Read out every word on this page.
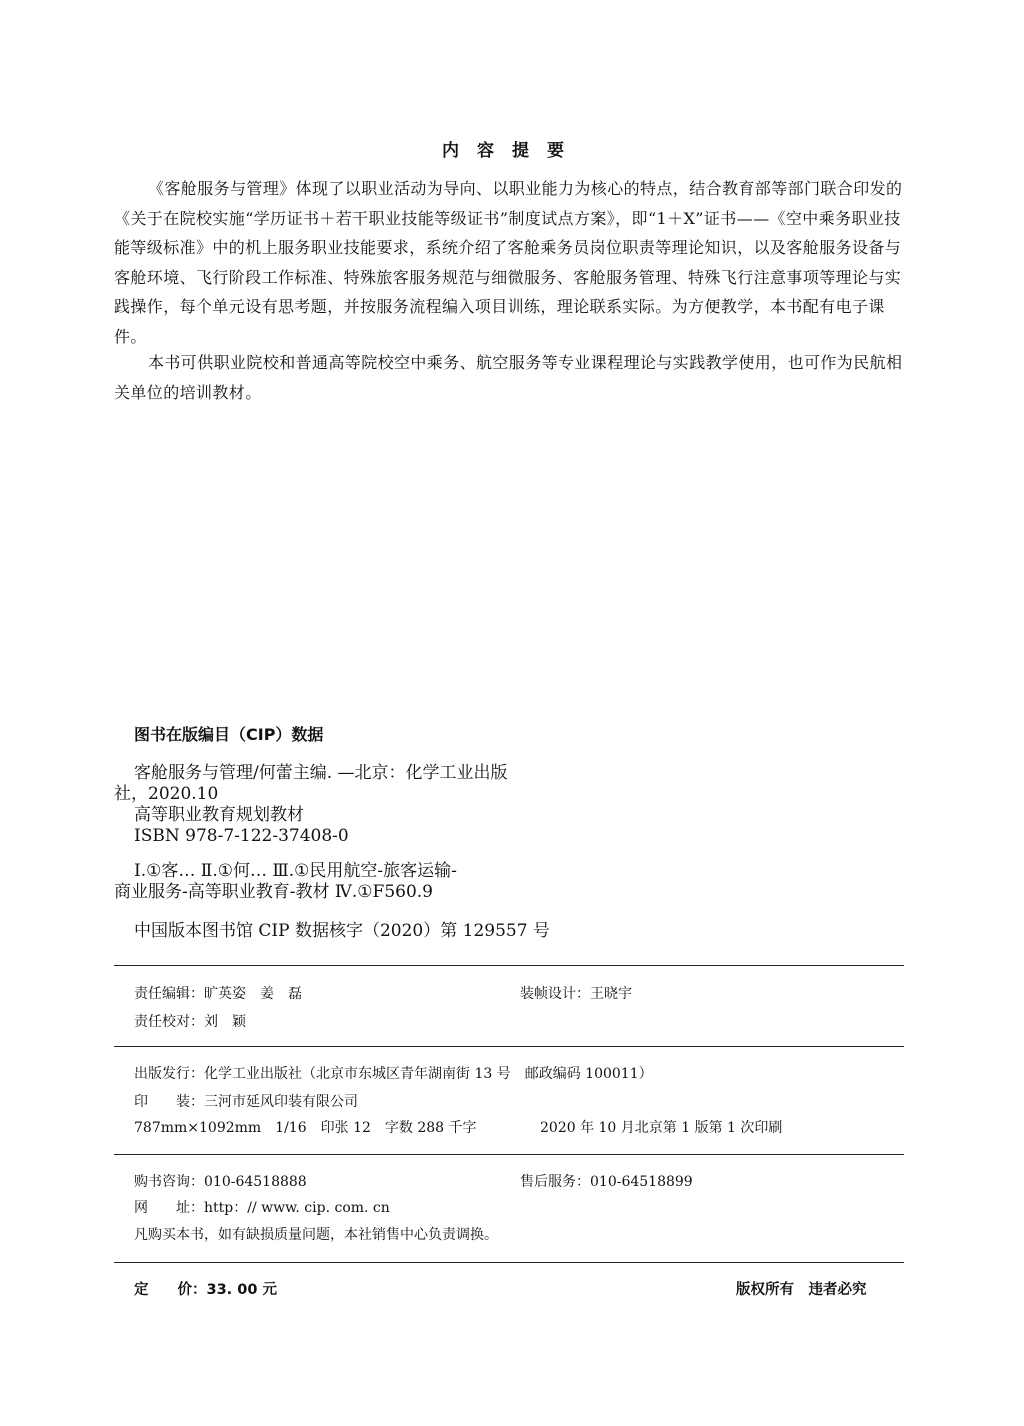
内容提要
《客舱服务与管理》体现了以职业活动为导向、以职业能力为核心的特点，结合教育部等部门联合印发的《关于在院校实施“学历证书＋若干职业技能等级证书”制度试点方案》，即“1＋X”证书——《空中乘务职业技能等级标准》中的机上服务职业技能要求，系统介绍了客舱乘务员岗位职责等理论知识，以及客舱服务设备与客舱环境、飞行阶段工作标准、特殊旅客服务规范与细微服务、客舱服务管理、特殊飞行注意事项等理论与实践操作，每个单元设有思考题，并按服务流程编入项目训练，理论联系实际。为方便教学，本书配有电子课件。
本书可供职业院校和普通高等院校空中乘务、航空服务等专业课程理论与实践教学使用，也可作为民航相关单位的培训教材。
图书在版编目（CIP）数据
客舱服务与管理/何蕾主编. —北京：化学工业出版
社，2020.10
高等职业教育规划教材
ISBN 978-7-122-37408-0
Ⅰ.①客… Ⅱ.①何… Ⅲ.①民用航空-旅客运输-
商业服务-高等职业教育-教材 Ⅳ.①F560.9
中国版本图书馆 CIP 数据核字（2020）第 129557 号
责任编辑：旷英姿　姜　磊	装帧设计：王晓宇
责任校对：刘　颖
出版发行：化学工业出版社（北京市东城区青年湖南街 13 号　邮政编码 100011）
印　　装：三河市延风印装有限公司
787mm×1092mm　1/16　印张 12　字数 288 千字	2020 年 10 月北京第 1 版第 1 次印刷
购书咨询：010-64518888	售后服务：010-64518899
网　　址：http：// www. cip. com. cn
凡购买本书，如有缺损质量问题，本社销售中心负责调换。
定　　价：33. 00 元	版权所有　违者必究
